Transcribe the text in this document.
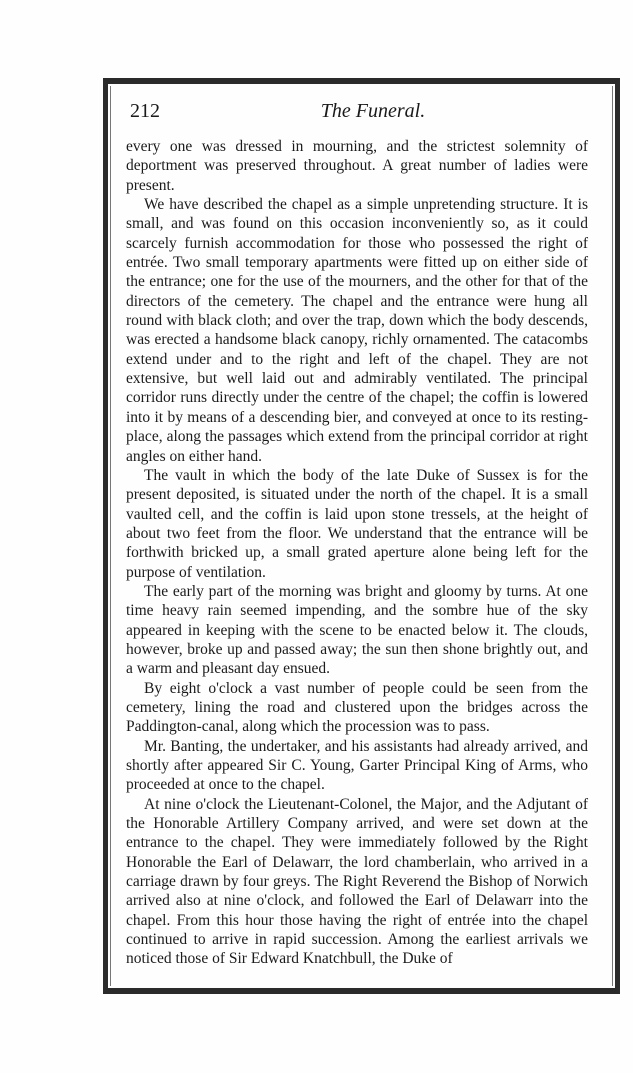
212	The Funeral.

every one was dressed in mourning, and the strictest solemnity of deportment was preserved throughout. A great number of ladies were present.

We have described the chapel as a simple unpretending structure. It is small, and was found on this occasion inconveniently so, as it could scarcely furnish accommodation for those who possessed the right of entrée. Two small temporary apartments were fitted up on either side of the entrance; one for the use of the mourners, and the other for that of the directors of the cemetery. The chapel and the entrance were hung all round with black cloth; and over the trap, down which the body descends, was erected a handsome black canopy, richly ornamented. The catacombs extend under and to the right and left of the chapel. They are not extensive, but well laid out and admirably ventilated. The principal corridor runs directly under the centre of the chapel; the coffin is lowered into it by means of a descending bier, and conveyed at once to its resting-place, along the passages which extend from the principal corridor at right angles on either hand.

The vault in which the body of the late Duke of Sussex is for the present deposited, is situated under the north of the chapel. It is a small vaulted cell, and the coffin is laid upon stone tressels, at the height of about two feet from the floor. We understand that the entrance will be forthwith bricked up, a small grated aperture alone being left for the purpose of ventilation.

The early part of the morning was bright and gloomy by turns. At one time heavy rain seemed impending, and the sombre hue of the sky appeared in keeping with the scene to be enacted below it. The clouds, however, broke up and passed away; the sun then shone brightly out, and a warm and pleasant day ensued.

By eight o'clock a vast number of people could be seen from the cemetery, lining the road and clustered upon the bridges across the Paddington-canal, along which the procession was to pass.

Mr. Banting, the undertaker, and his assistants had already arrived, and shortly after appeared Sir C. Young, Garter Principal King of Arms, who proceeded at once to the chapel.

At nine o'clock the Lieutenant-Colonel, the Major, and the Adjutant of the Honorable Artillery Company arrived, and were set down at the entrance to the chapel. They were immediately followed by the Right Honorable the Earl of Delawarr, the lord chamberlain, who arrived in a carriage drawn by four greys. The Right Reverend the Bishop of Norwich arrived also at nine o'clock, and followed the Earl of Delawarr into the chapel. From this hour those having the right of entrée into the chapel continued to arrive in rapid succession. Among the earliest arrivals we noticed those of Sir Edward Knatchbull, the Duke of
